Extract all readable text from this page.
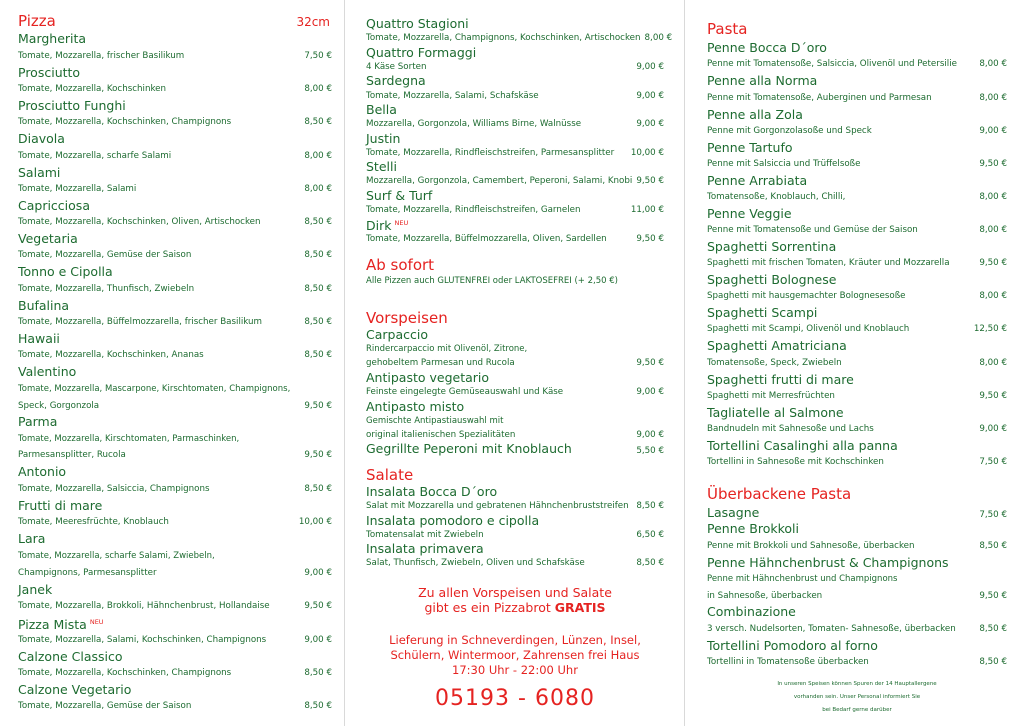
Pizza	32cm
Margherita
Tomate, Mozzarella, frischer Basilikum	7,50 €
Prosciutto
Tomate, Mozzarella, Kochschinken	8,00 €
Prosciutto Funghi
Tomate, Mozzarella, Kochschinken, Champignons	8,50 €
Diavola
Tomate, Mozzarella, scharfe Salami	8,00 €
Salami
Tomate, Mozzarella, Salami	8,00 €
Capricciosa
Tomate, Mozzarella, Kochschinken, Oliven, Artischocken	8,50 €
Vegetaria
Tomate, Mozzarella, Gemüse der Saison	8,50 €
Tonno e Cipolla
Tomate, Mozzarella, Thunfisch, Zwiebeln	8,50 €
Bufalina
Tomate, Mozzarella, Büffelmozzarella, frischer Basilikum	8,50 €
Hawaii
Tomate, Mozzarella, Kochschinken, Ananas	8,50 €
Valentino
Tomate, Mozzarella, Mascarpone, Kirschtomaten, Champignons,
Speck, Gorgonzola	9,50 €
Parma
Tomate, Mozzarella, Kirschtomaten, Parmaschinken,
Parmesansplitter, Rucola	9,50 €
Antonio
Tomate, Mozzarella, Salsiccia, Champignons	8,50 €
Frutti di mare
Tomate, Meeresfrüchte, Knoblauch	10,00 €
Lara
Tomate, Mozzarella, scharfe Salami, Zwiebeln,
Champignons, Parmesansplitter	9,00 €
Janek
Tomate, Mozzarella, Brokkoli, Hähnchenbrust, Hollandaise	9,50 €
Pizza Mista $^{NEU}$
Tomate, Mozzarella, Salami, Kochschinken, Champignons	9,00 €
Calzone Classico
Tomate, Mozzarella, Kochschinken, Champignons	8,50 €
Calzone Vegetario
Tomate, Mozzarella, Gemüse der Saison	8,50 €
Quattro Stagioni
Tomate, Mozzarella, Champignons, Kochschinken, Artischocken 8,00 €
Quattro Formaggi
4 Käse Sorten	9,00 €
Sardegna
Tomate, Mozzarella, Salami, Schafskäse	9,00 €
Bella
Mozzarella, Gorgonzola, Williams Birne, Walnüsse	9,00 €
Justin
Tomate, Mozzarella, Rindfleischstreifen, Parmesansplitter 10,00 €
Stelli
Mozzarella, Gorgonzola, Camembert, Peperoni, Salami, Knobi 9,50 €
Surf & Turf
Tomate, Mozzarella, Rindfleischstreifen, Garnelen	11,00 €
Dirk $^{NEU}$
Tomate, Mozzarella, Büffelmozzarella, Oliven, Sardellen	9,50 €
Ab sofort
Alle Pizzen auch GLUTENFREI oder LAKTOSEFREI (+ 2,50 €)
Vorspeisen
Carpaccio
Rindercarpaccio mit Olivenöl, Zitrone,
gehobeltem Parmesan und Rucola	9,50 €
Antipasto vegetario
Feinste eingelegte Gemüseauswahl und Käse	9,00 €
Antipasto misto
Gemischte Antipastiauswahl mit
original italienischen Spezialitäten	9,00 €
Gegrillte Peperoni mit Knoblauch	5,50 €
Salate
Insalata Bocca D´oro
Salat mit Mozzarella und gebratenen Hähnchenbruststreifen 8,50 €
Insalata pomodoro e cipolla
Tomatensalat mit Zwiebeln	6,50 €
Insalata primavera
Salat, Thunfisch, Zwiebeln, Oliven und Schafskäse	8,50 €
Zu allen Vorspeisen und Salate
gibt es ein Pizzabrot GRATIS
Lieferung in Schneverdingen, Lünzen, Insel,
Schülern, Wintermoor, Zahrensen frei Haus
17:30 Uhr - 22:00 Uhr
05193 - 6080
Pasta
Penne Bocca D´oro
Penne mit Tomatensoße, Salsiccia, Olivenöl und Petersilie	8,00 €
Penne alla Norma
Penne mit Tomatensoße, Auberginen und Parmesan	8,00 €
Penne alla Zola
Penne mit Gorgonzolasoße und Speck	9,00 €
Penne Tartufo
Penne mit Salsiccia und Trüffelsoße	9,50 €
Penne Arrabiata
Tomatensoße, Knoblauch, Chilli,	8,00 €
Penne Veggie
Penne mit Tomatensoße und Gemüse der Saison	8,00 €
Spaghetti Sorrentina
Spaghetti mit frischen Tomaten, Kräuter und Mozzarella	9,50 €
Spaghetti Bolognese
Spaghetti mit hausgemachter Bolognesesoße	8,00 €
Spaghetti Scampi
Spaghetti mit Scampi, Olivenöl und Knoblauch	12,50 €
Spaghetti Amatriciana
Tomatensoße, Speck, Zwiebeln	8,00 €
Spaghetti frutti di mare
Spaghetti mit Merresfrüchten	9,50 €
Tagliatelle al Salmone
Bandnudeln mit Sahnesoße und Lachs	9,00 €
Tortellini Casalinghi alla panna
Tortellini in Sahnesoße mit Kochschinken	7,50 €
Überbackene Pasta
Lasagne	7,50 €
Penne Brokkoli
Penne mit Brokkoli und Sahnesoße, überbacken	8,50 €
Penne Hähnchenbrust & Champignons
Penne mit Hähnchenbrust und Champignons
in Sahnesoße, überbacken	9,50 €
Combinazione
3 versch. Nudelsorten, Tomaten- Sahnesoße, überbacken	8,50 €
Tortellini Pomodoro al forno
Tortellini in Tomatensoße überbacken	8,50 €
In unseren Speisen können Spuren der 14 Hauptallergene
vorhanden sein. Unser Personal informiert Sie
bei Bedarf gerne darüber
